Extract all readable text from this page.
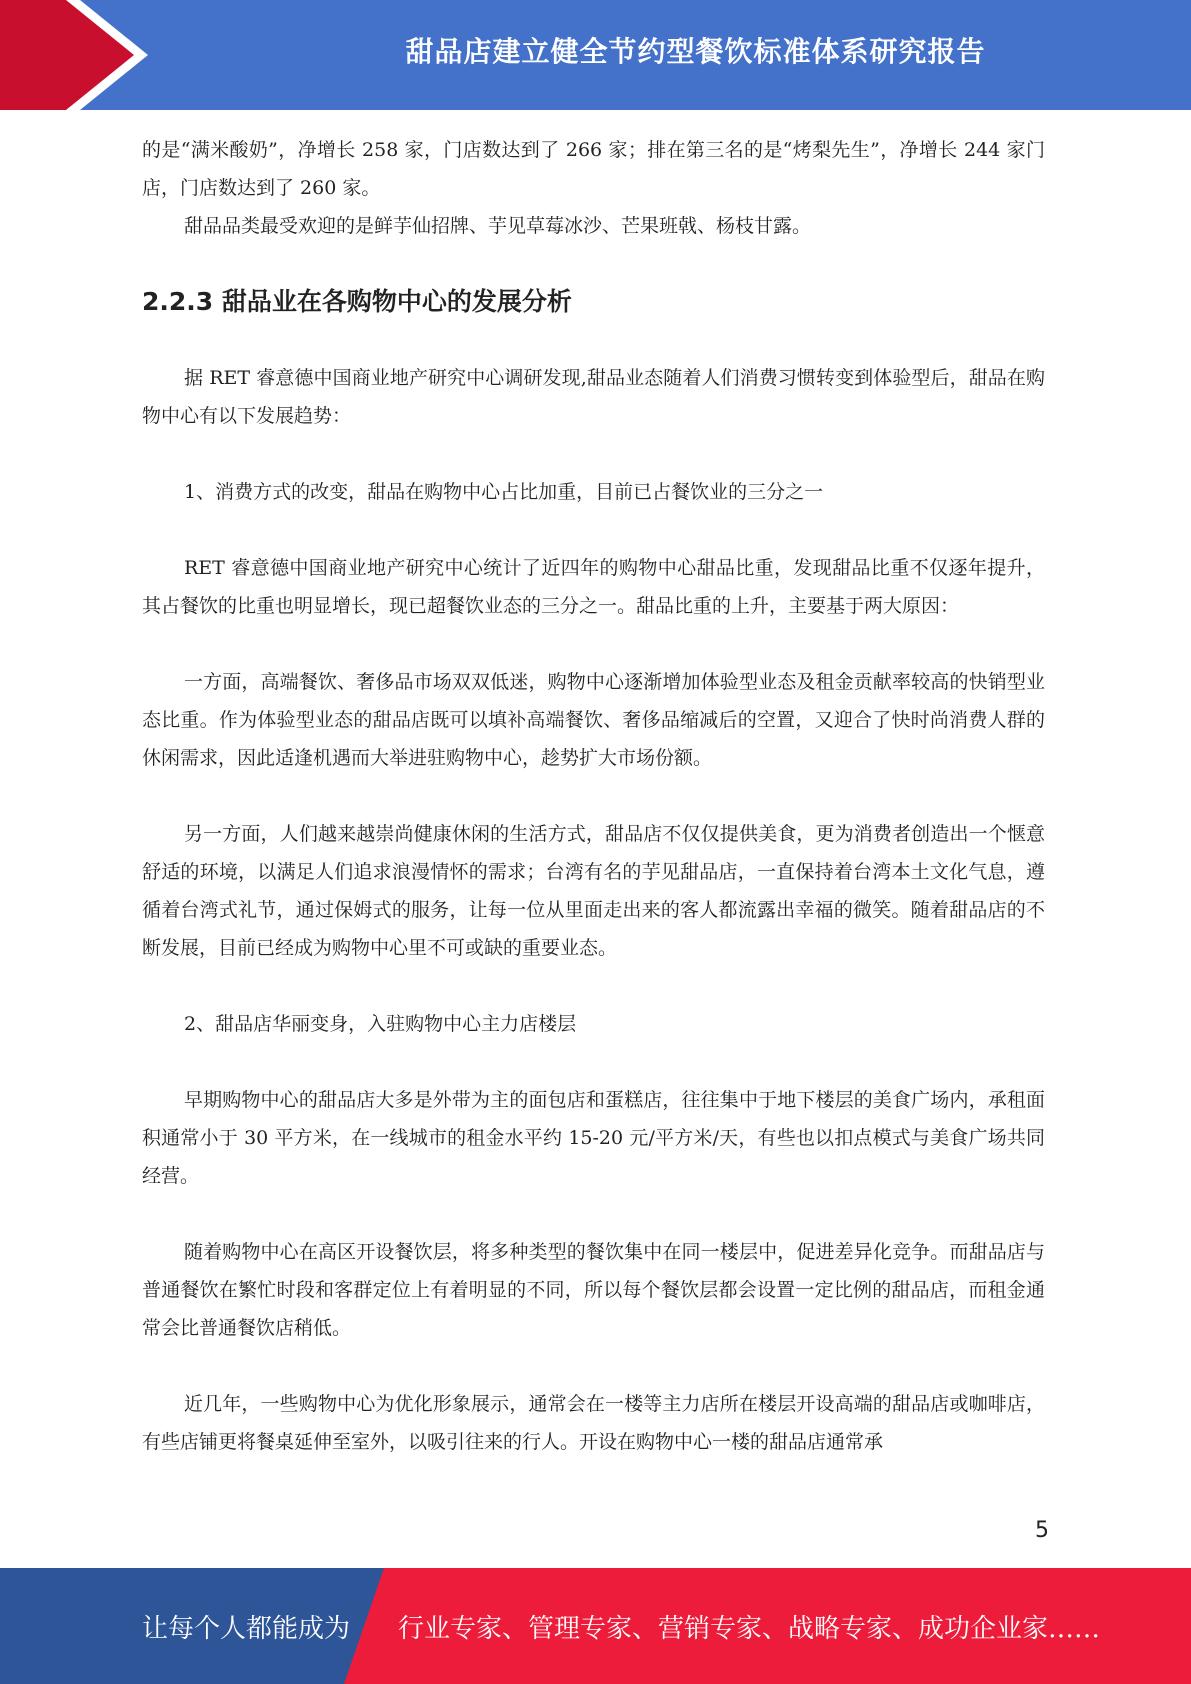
甜品店建立健全节约型餐饮标准体系研究报告

的是“满米酸奶”，净增长 258 家，门店数达到了 266 家；排在第三名的是“烤梨先生”，净增长 244 家门店，门店数达到了 260 家。

甜品品类最受欢迎的是鲜芋仙招牌、芋见草莓冰沙、芒果班戟、杨枝甘露。

2.2.3 甜品业在各购物中心的发展分析

据 RET 睿意德中国商业地产研究中心调研发现,甜品业态随着人们消费习惯转变到体验型后，甜品在购物中心有以下发展趋势：

1、消费方式的改变，甜品在购物中心占比加重，目前已占餐饮业的三分之一

RET 睿意德中国商业地产研究中心统计了近四年的购物中心甜品比重，发现甜品比重不仅逐年提升，其占餐饮的比重也明显增长，现已超餐饮业态的三分之一。甜品比重的上升，主要基于两大原因：

一方面，高端餐饮、奢侈品市场双双低迷，购物中心逐渐增加体验型业态及租金贡献率较高的快销型业态比重。作为体验型业态的甜品店既可以填补高端餐饮、奢侈品缩减后的空置，又迎合了快时尚消费人群的休闲需求，因此适逢机遇而大举进驻购物中心，趁势扩大市场份额。

另一方面，人们越来越崇尚健康休闲的生活方式，甜品店不仅仅提供美食，更为消费者创造出一个惬意舒适的环境，以满足人们追求浪漫情怀的需求；台湾有名的芋见甜品店，一直保持着台湾本土文化气息，遵循着台湾式礼节，通过保姆式的服务，让每一位从里面走出来的客人都流露出幸福的微笑。随着甜品店的不断发展，目前已经成为购物中心里不可或缺的重要业态。

2、甜品店华丽变身，入驻购物中心主力店楼层

早期购物中心的甜品店大多是外带为主的面包店和蛋糕店，往往集中于地下楼层的美食广场内，承租面积通常小于 30 平方米，在一线城市的租金水平约 15-20 元/平方米/天，有些也以扣点模式与美食广场共同经营。

随着购物中心在高区开设餐饮层，将多种类型的餐饮集中在同一楼层中，促进差异化竞争。而甜品店与普通餐饮在繁忙时段和客群定位上有着明显的不同，所以每个餐饮层都会设置一定比例的甜品店，而租金通常会比普通餐饮店稍低。

近几年，一些购物中心为优化形象展示，通常会在一楼等主力店所在楼层开设高端的甜品店或咖啡店，有些店铺更将餐桌延伸至室外，以吸引往来的行人。开设在购物中心一楼的甜品店通常承

5
让每个人都能成为 行业专家、管理专家、营销专家、战略专家、成功企业家……
